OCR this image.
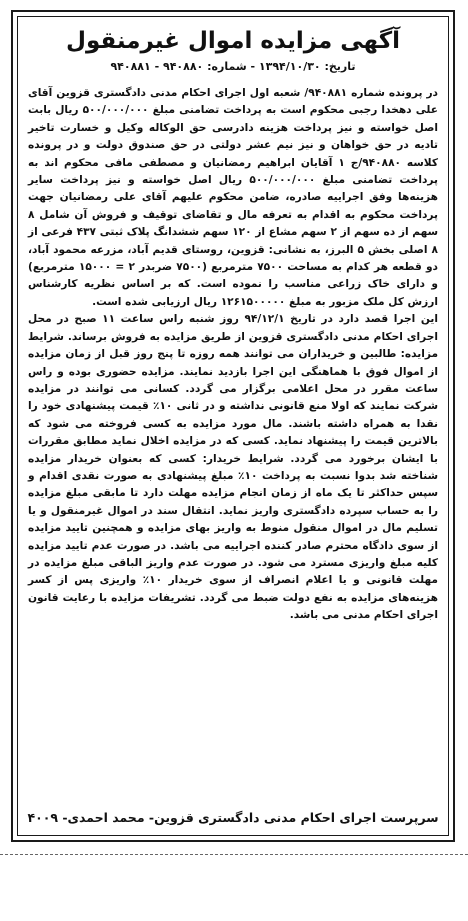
آگهی مزایده اموال غیرمنقول
تاریخ: ۱۳۹۴/۱۰/۳۰ - شماره: ۹۴۰۸۸۰ - ۹۴۰۸۸۱

در پرونده شماره ۹۴۰۸۸۱/ شعبه اول اجرای احکام مدنی دادگستری قزوین آقای علی دهخدا رجبی محکوم است به پرداخت تضامنی مبلغ ۵۰۰/۰۰۰/۰۰۰ ریال بابت اصل خواسته و نیز پرداخت هزینه دادرسی حق الوکاله وکیل و خسارت تاخیر تادیه در حق خواهان و نیز نیم عشر دولتی در حق صندوق دولت و در پرونده کلاسه ۹۴۰۸۸۰/ج ۱ آقایان ابراهیم رمضانیان و مصطفی مافی محکوم اند به پرداخت تضامنی مبلغ ۵۰۰/۰۰۰/۰۰۰ ریال اصل خواسته و نیز پرداخت سایر هزینه‌ها وفق اجراییه صادره، ضامن محکوم علیهم آقای علی رمضانیان جهت پرداخت محکوم به اقدام به تعرفه مال و تقاضای توقیف و فروش آن شامل ۸ سهم از ده سهم از ۲ سهم مشاع از ۱۲۰ سهم ششدانگ پلاک ثبتی ۴۳۷ فرعی از ۸ اصلی بخش ۵ البرز، به نشانی: قزوین، روستای قدیم آباد، مزرعه محمود آباد، دو قطعه هر کدام به مساحت ۷۵۰۰ مترمربع (۷۵۰۰ ضربدر ۲ = ۱۵۰۰۰ مترمربع) و دارای خاک زراعی مناسب را نموده است. که بر اساس نظریه کارشناس ارزش کل ملک مزبور به مبلغ ۱۲۶۱۵۰۰۰۰۰ ریال ارزیابی شده است.

این اجرا قصد دارد در تاریخ ۹۴/۱۲/۱ روز شنبه راس ساعت ۱۱ صبح در محل اجرای احکام مدنی دادگستری قزوین از طریق مزایده به فروش برساند. شرایط مزایده: طالبین و خریداران می توانند همه روزه تا پنج روز قبل از زمان مزایده از اموال فوق با هماهنگی این اجرا بازدید نمایند. مزایده حضوری بوده و راس ساعت مقرر در محل اعلامی برگزار می گردد. کسانی می توانند در مزایده شرکت نمایند که اولا منع قانونی نداشته و در ثانی ۱۰٪ قیمت پیشنهادی خود را نقدا به همراه داشته باشند. مال مورد مزایده به کسی فروخته می شود که بالاترین قیمت را پیشنهاد نماید. کسی که در مزایده اخلال نماید مطابق مقررات با ایشان برخورد می گردد. شرایط خریدار: کسی که بعنوان خریدار مزایده شناخته شد بدوا نسبت به پرداخت ۱۰٪ مبلغ پیشنهادی به صورت نقدی اقدام و سپس حداکثر تا یک ماه از زمان انجام مزایده مهلت دارد تا مابقی مبلغ مزایده را به حساب سپرده دادگستری واریز نماید. انتقال سند در اموال غیرمنقول و یا تسلیم مال در اموال منقول منوط به واریز بهای مزایده و همچنین تایید مزایده از سوی دادگاه محترم صادر کننده اجراییه می باشد. در صورت عدم تایید مزایده کلیه مبلغ واریزی مسترد می شود. در صورت عدم واریز الباقی مبلغ مزایده در مهلت قانونی و یا اعلام انصراف از سوی خریدار ۱۰٪ واریزی پس از کسر هزینه‌های مزایده به نفع دولت ضبط می گردد. تشریفات مزایده با رعایت قانون اجرای احکام مدنی می باشد.

سرپرست اجرای احکام مدنی دادگستری قزوین- محمد احمدی- ۴۰۰۹
